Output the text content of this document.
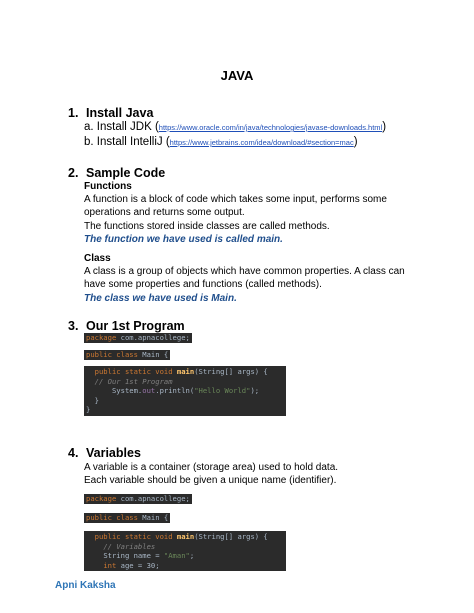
JAVA
1. Install Java
a. Install JDK (https://www.oracle.com/in/java/technologies/javase-downloads.html)
b. Install IntelliJ (https://www.jetbrains.com/idea/download/#section=mac)
2. Sample Code
Functions
A function is a block of code which takes some input, performs some operations and returns some output.
The functions stored inside classes are called methods.
The function we have used is called main.
Class
A class is a group of objects which have common properties. A class can have some properties and functions (called methods).
The class we have used is Main.
3. Our 1st Program
package com.apnacollege;
public class Main {
public static void main(String[] args) {
// Our 1st Program
System.out.println("Hello World");
}
}
4. Variables
A variable is a container (storage area) used to hold data.
Each variable should be given a unique name (identifier).
package com.apnacollege;
public class Main {
public static void main(String[] args) {
// Variables
String name = "Aman";
int age = 30;
Apni Kaksha
